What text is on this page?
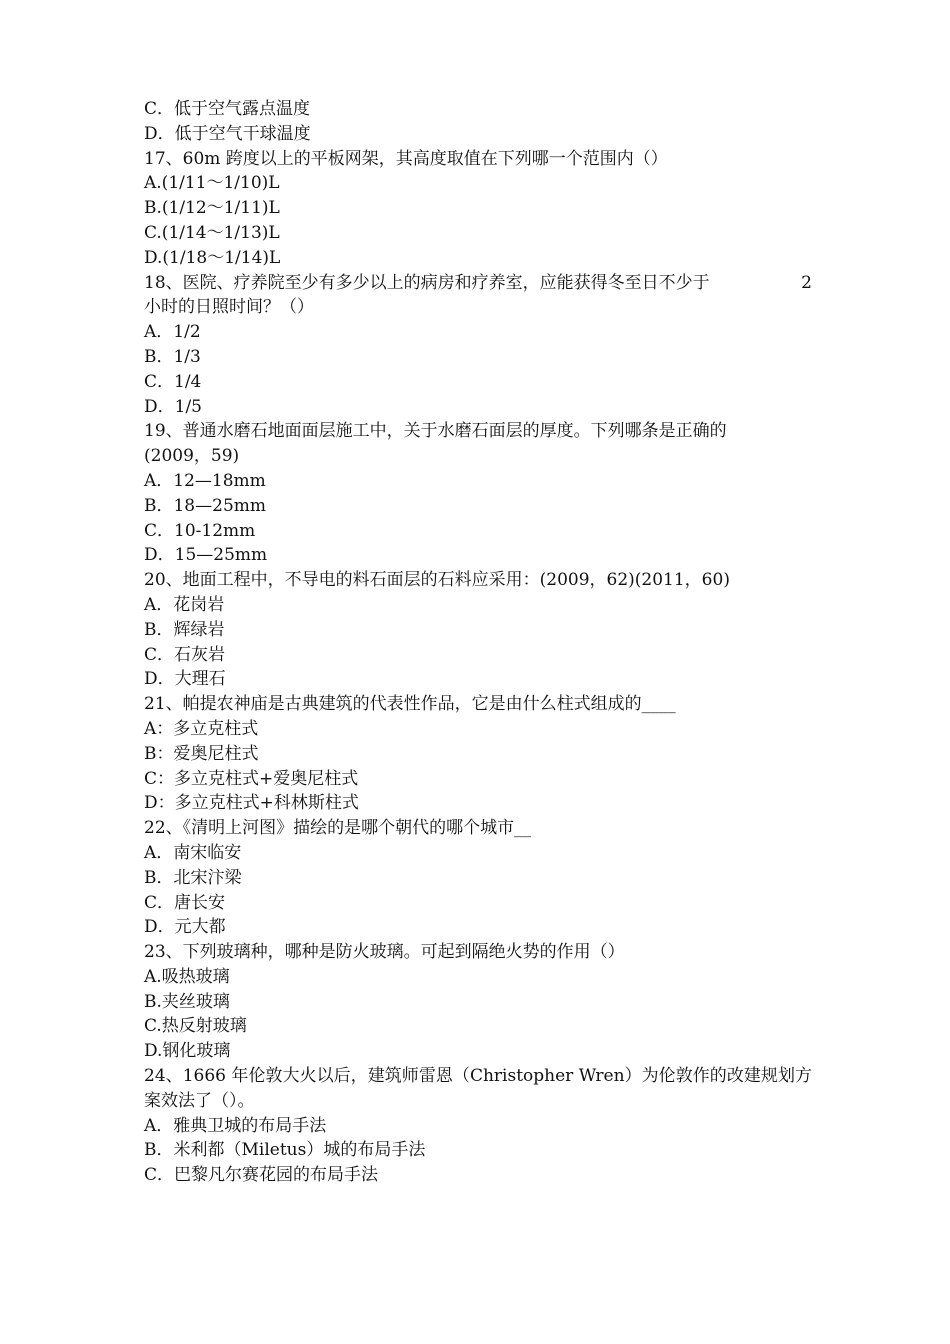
C．低于空气露点温度
D．低于空气干球温度
17、60m 跨度以上的平板网架，其高度取值在下列哪一个范围内（）
A.(1/11～1/10)L
B.(1/12～1/11)L
C.(1/14～1/13)L
D.(1/18～1/14)L
18、医院、疗养院至少有多少以上的病房和疗养室，应能获得冬至日不少于	2
小时的日照时间？（）
A．1/2
B．1/3
C．1/4
D．1/5
19、普通水磨石地面面层施工中，关于水磨石面层的厚度。下列哪条是正确的
(2009，59)
A．12—18mm
B．18—25mm
C．10-12mm
D．15—25mm
20、地面工程中，不导电的料石面层的石料应采用：(2009，62)(2011，60)
A．花岗岩
B．辉绿岩
C．石灰岩
D．大理石
21、帕提农神庙是古典建筑的代表性作品，它是由什么柱式组成的____
A：多立克柱式
B：爱奥尼柱式
C：多立克柱式+爱奥尼柱式
D：多立克柱式+科林斯柱式
22、《清明上河图》描绘的是哪个朝代的哪个城市__
A．南宋临安
B．北宋汴梁
C．唐长安
D．元大都
23、下列玻璃种，哪种是防火玻璃。可起到隔绝火势的作用（）
A.吸热玻璃
B.夹丝玻璃
C.热反射玻璃
D.钢化玻璃
24、1666 年伦敦大火以后，建筑师雷恩（Christopher Wren）为伦敦作的改建规划方案效法了（）。
A．雅典卫城的布局手法
B．米利都（Miletus）城的布局手法
C．巴黎凡尔赛花园的布局手法
